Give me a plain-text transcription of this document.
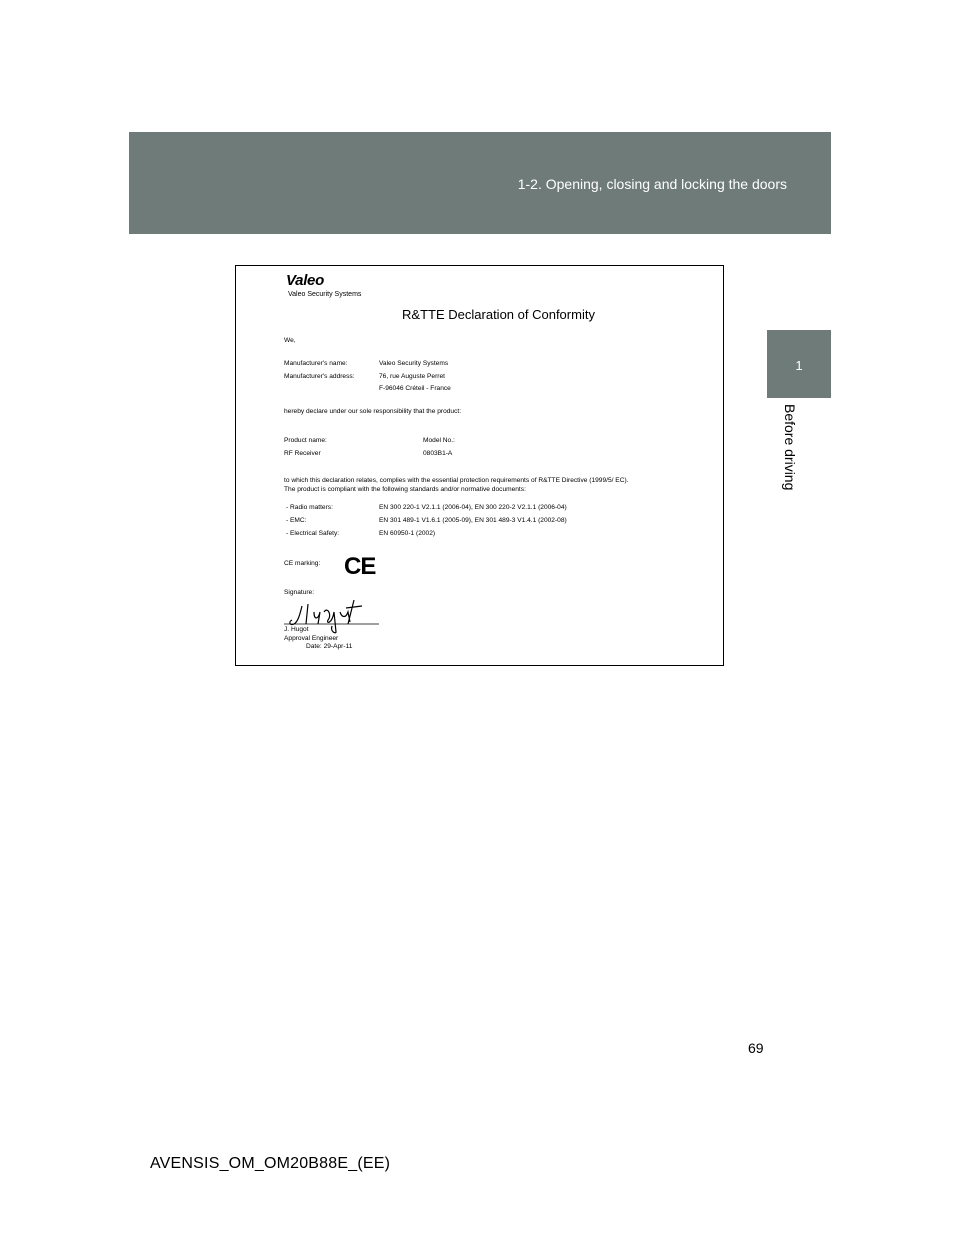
1-2. Opening, closing and locking the doors
1
Before driving
Valeo
Valeo Security Systems
R&TTE Declaration of Conformity
We,
Manufacturer's name:	Valeo Security Systems
Manufacturer's address:	76, rue Auguste Perret
F-96046 Créteil - France
hereby declare under our sole responsibility that the product:
Product name:	Model No.:
RF Receiver	0803B1-A
to which this declaration relates, complies with the essential protection requirements of R&TTE Directive (1999/5/ EC).
The product is compliant with the following standards and/or normative documents:
- Radio matters:	EN 300 220-1 V2.1.1 (2006-04), EN 300 220-2 V2.1.1 (2006-04)
- EMC:	EN 301 489-1 V1.6.1 (2005-09), EN 301 489-3 V1.4.1 (2002-08)
- Electrical Safety:	EN 60950-1 (2002)
CE marking: CE
Signature:
J. Hugot
Approval Engineer
Date: 29-Apr-11
69
AVENSIS_OM_OM20B88E_(EE)
